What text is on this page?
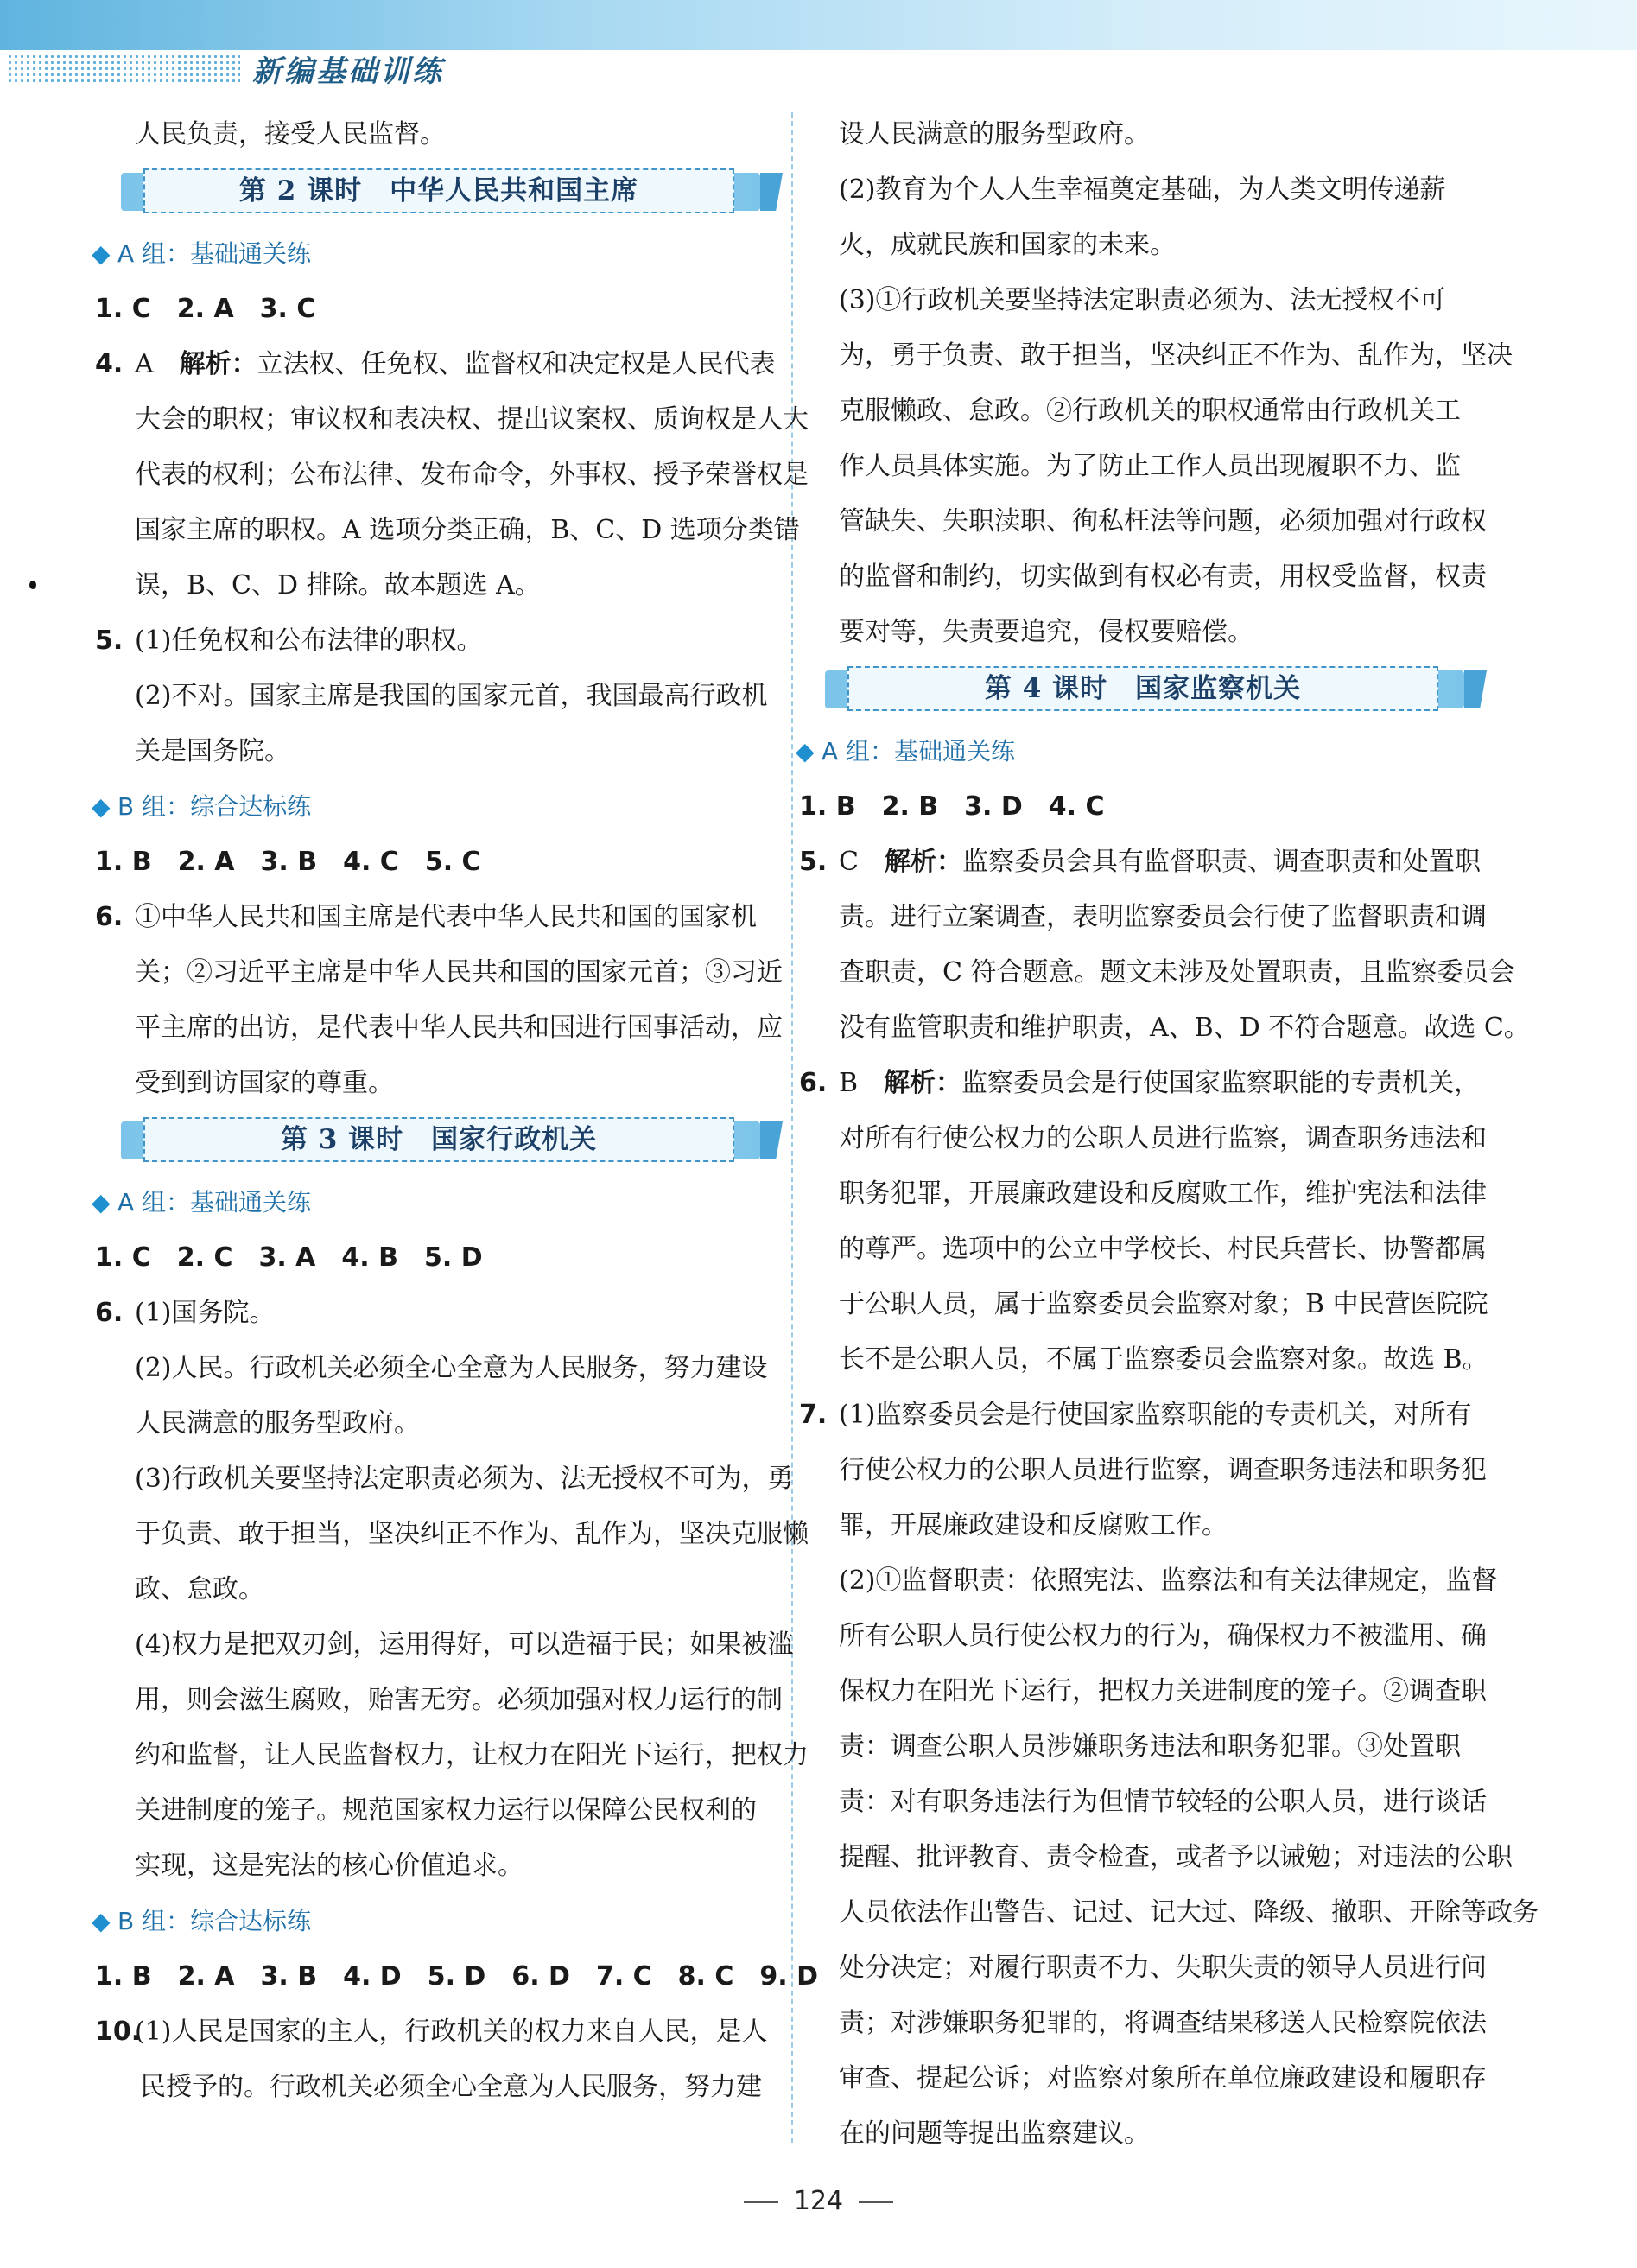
新编基础训练
人民负责，接受人民监督。
第 2 课时　中华人民共和国主席
◆ A 组：基础通关练
1. C　2. A　3. C
4. A　解析：立法权、任免权、监督权和决定权是人民代表
大会的职权；审议权和表决权、提出议案权、质询权是人大
代表的权利；公布法律、发布命令，外事权、授予荣誉权是
国家主席的职权。A 选项分类正确，B、C、D 选项分类错
误，B、C、D 排除。故本题选 A。
5. (1)任免权和公布法律的职权。
(2)不对。国家主席是我国的国家元首，我国最高行政机
关是国务院。
◆ B 组：综合达标练
1. B　2. A　3. B　4. C　5. C
6. ①中华人民共和国主席是代表中华人民共和国的国家机
关；②习近平主席是中华人民共和国的国家元首；③习近
平主席的出访，是代表中华人民共和国进行国事活动，应
受到到访国家的尊重。
第 3 课时　国家行政机关
◆ A 组：基础通关练
1. C　2. C　3. A　4. B　5. D
6. (1)国务院。
(2)人民。行政机关必须全心全意为人民服务，努力建设
人民满意的服务型政府。
(3)行政机关要坚持法定职责必须为、法无授权不可为，勇
于负责、敢于担当，坚决纠正不作为、乱作为，坚决克服懒
政、怠政。
(4)权力是把双刃剑，运用得好，可以造福于民；如果被滥
用，则会滋生腐败，贻害无穷。必须加强对权力运行的制
约和监督，让人民监督权力，让权力在阳光下运行，把权力
关进制度的笼子。规范国家权力运行以保障公民权利的
实现，这是宪法的核心价值追求。
◆ B 组：综合达标练
1. B　2. A　3. B　4. D　5. D　6. D　7. C　8. C　9. D
10.(1)人民是国家的主人，行政机关的权力来自人民，是人
民授予的。行政机关必须全心全意为人民服务，努力建
设人民满意的服务型政府。
(2)教育为个人人生幸福奠定基础，为人类文明传递薪
火，成就民族和国家的未来。
(3)①行政机关要坚持法定职责必须为、法无授权不可
为，勇于负责、敢于担当，坚决纠正不作为、乱作为，坚决
克服懒政、怠政。②行政机关的职权通常由行政机关工
作人员具体实施。为了防止工作人员出现履职不力、监
管缺失、失职渎职、徇私枉法等问题，必须加强对行政权
的监督和制约，切实做到有权必有责，用权受监督，权责
要对等，失责要追究，侵权要赔偿。
第 4 课时　国家监察机关
◆ A 组：基础通关练
1. B　2. B　3. D　4. C
5. C　解析：监察委员会具有监督职责、调查职责和处置职
责。进行立案调查，表明监察委员会行使了监督职责和调
查职责，C 符合题意。题文未涉及处置职责，且监察委员会
没有监管职责和维护职责，A、B、D 不符合题意。故选 C。
6. B　解析：监察委员会是行使国家监察职能的专责机关，
对所有行使公权力的公职人员进行监察，调查职务违法和
职务犯罪，开展廉政建设和反腐败工作，维护宪法和法律
的尊严。选项中的公立中学校长、村民兵营长、协警都属
于公职人员，属于监察委员会监察对象；B 中民营医院院
长不是公职人员，不属于监察委员会监察对象。故选 B。
7. (1)监察委员会是行使国家监察职能的专责机关，对所有
行使公权力的公职人员进行监察，调查职务违法和职务犯
罪，开展廉政建设和反腐败工作。
(2)①监督职责：依照宪法、监察法和有关法律规定，监督
所有公职人员行使公权力的行为，确保权力不被滥用、确
保权力在阳光下运行，把权力关进制度的笼子。②调查职
责：调查公职人员涉嫌职务违法和职务犯罪。③处置职
责：对有职务违法行为但情节较轻的公职人员，进行谈话
提醒、批评教育、责令检查，或者予以诫勉；对违法的公职
人员依法作出警告、记过、记大过、降级、撤职、开除等政务
处分决定；对履行职责不力、失职失责的领导人员进行问
责；对涉嫌职务犯罪的，将调查结果移送人民检察院依法
审查、提起公诉；对监察对象所在单位廉政建设和履职存
在的问题等提出监察建议。
124
